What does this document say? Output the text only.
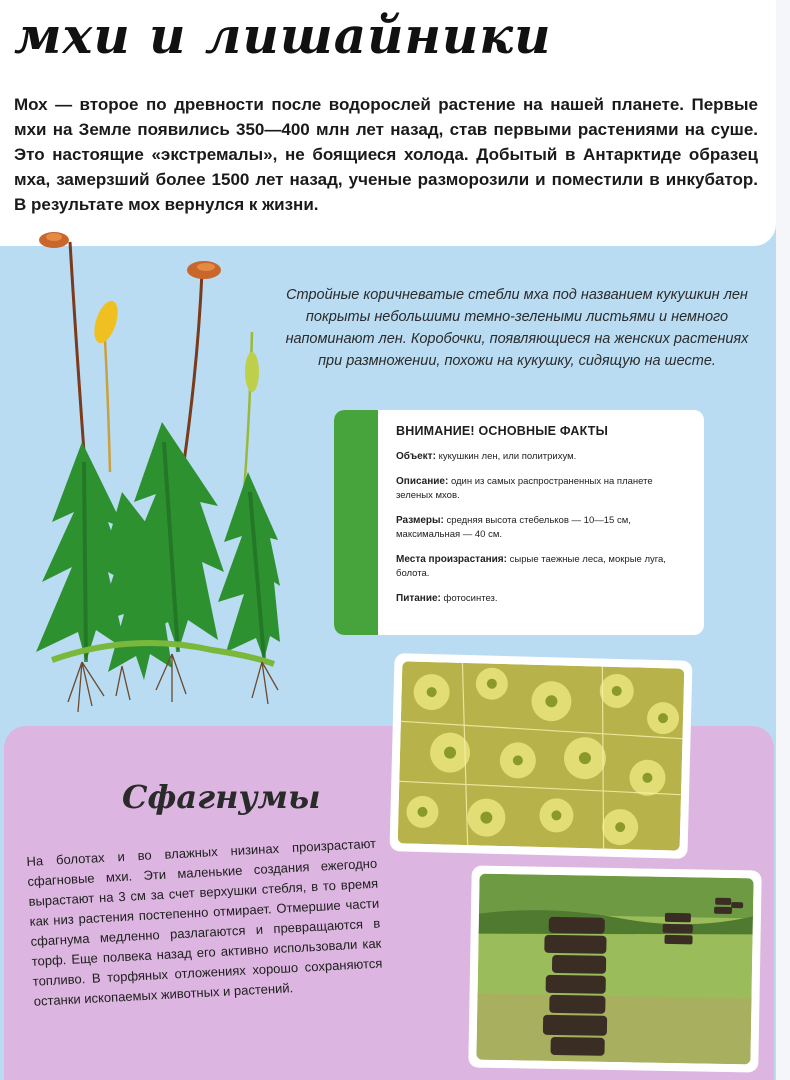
мхи и лишайники

Мох — второе по древности после водорослей растение на нашей планете. Первые мхи на Земле появились 350—400 млн лет назад, став первыми растениями на суше. Это настоящие «экстремалы», не боящиеся холода. Добытый в Антарктиде образец мха, замерзший более 1500 лет назад, ученые разморозили и поместили в инкубатор. В результате мох вернулся к жизни.

Стройные коричневатые стебли мха под названием кукушкин лен покрыты небольшими темно-зелеными листьями и немного напоминают лен. Коробочки, появляющиеся на женских растениях при размножении, похожи на кукушку, сидящую на шесте.

ВНИМАНИЕ! ОСНОВНЫЕ ФАКТЫ

Объект: кукушкин лен, или политрихум.

Описание: один из самых распространенных на планете зеленых мхов.

Размеры: средняя высота стебельков — 10—15 см, максимальная — 40 см.

Места произрастания: сырые таежные леса, мокрые луга, болота.

Питание: фотосинтез.

Сфагнумы

На болотах и во влажных низинах произрастают сфагновые мхи. Эти маленькие создания ежегодно вырастают на 3 см за счет верхушки стебля, в то время как низ растения постепенно отмирает. Отмершие части сфагнума медленно разлагаются и превращаются в торф. Еще полвека назад его активно использовали как топливо. В торфяных отложениях хорошо сохраняются останки ископаемых животных и растений.
